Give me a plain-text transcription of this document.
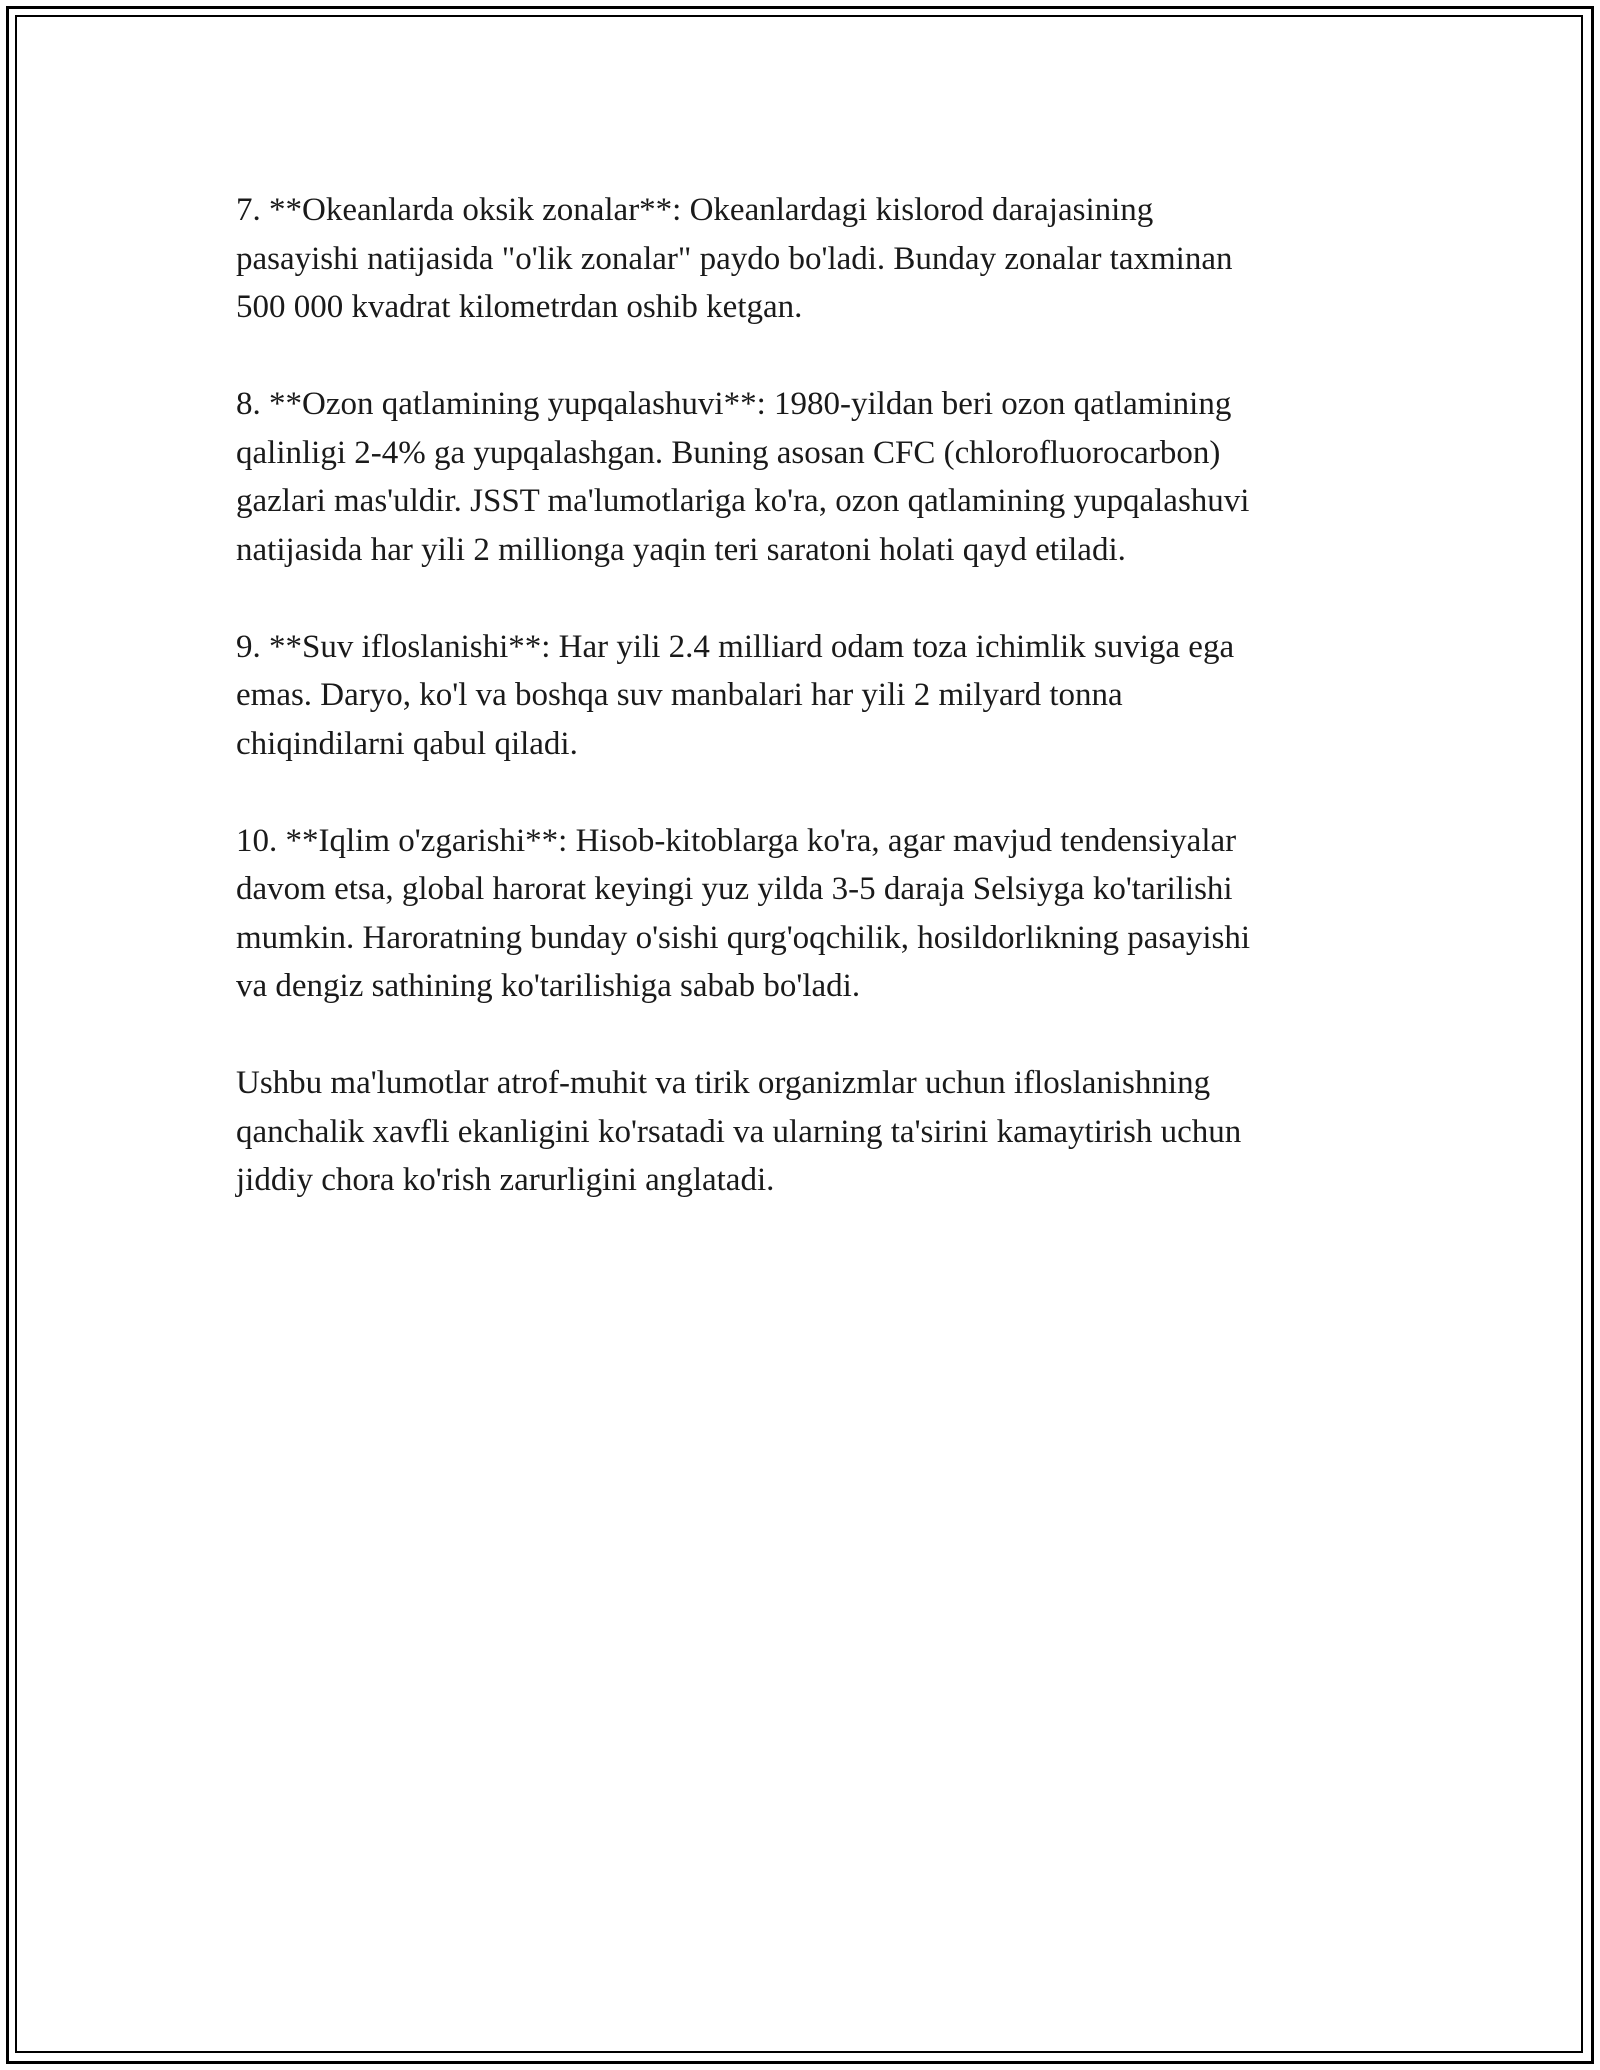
7. **Okeanlarda oksik zonalar**: Okeanlardagi kislorod darajasining
pasayishi natijasida "o'lik zonalar" paydo bo'ladi. Bunday zonalar taxminan
500 000 kvadrat kilometrdan oshib ketgan.

8. **Ozon qatlamining yupqalashuvi**: 1980-yildan beri ozon qatlamining
qalinligi 2-4% ga yupqalashgan. Buning asosan CFC (chlorofluorocarbon)
gazlari mas'uldir. JSST ma'lumotlariga ko'ra, ozon qatlamining yupqalashuvi
natijasida har yili 2 millionga yaqin teri saratoni holati qayd etiladi.

9. **Suv ifloslanishi**: Har yili 2.4 milliard odam toza ichimlik suviga ega
emas. Daryo, ko'l va boshqa suv manbalari har yili 2 milyard tonna
chiqindilarni qabul qiladi.

10. **Iqlim o'zgarishi**: Hisob-kitoblarga ko'ra, agar mavjud tendensiyalar
davom etsa, global harorat keyingi yuz yilda 3-5 daraja Selsiyga ko'tarilishi
mumkin. Haroratning bunday o'sishi qurg'oqchilik, hosildorlikning pasayishi
va dengiz sathining ko'tarilishiga sabab bo'ladi.

Ushbu ma'lumotlar atrof-muhit va tirik organizmlar uchun ifloslanishning
qanchalik xavfli ekanligini ko'rsatadi va ularning ta'sirini kamaytirish uchun
jiddiy chora ko'rish zarurligini anglatadi.
